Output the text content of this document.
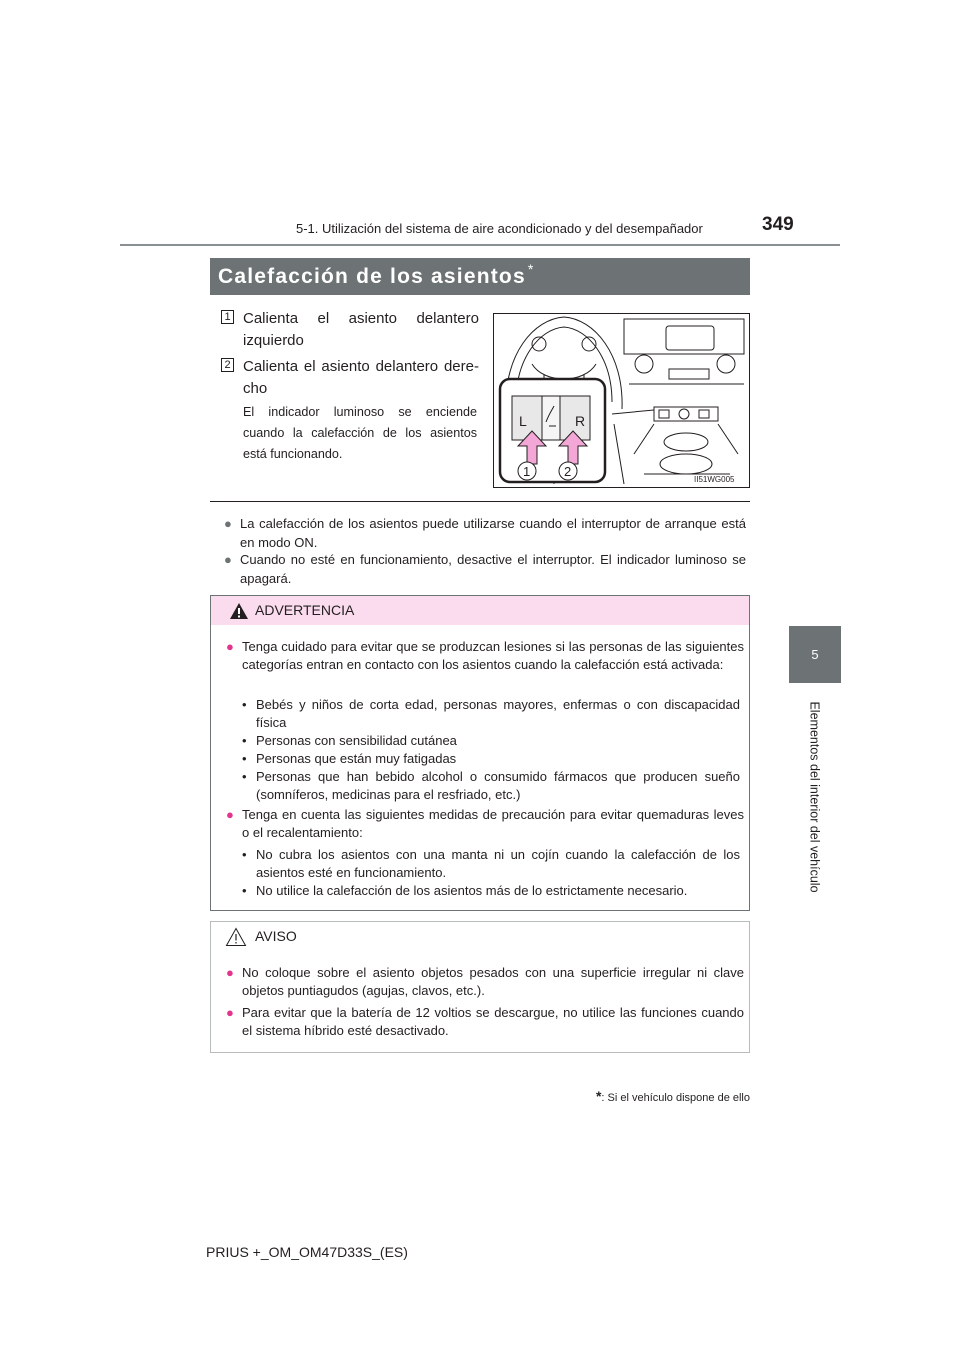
5-1. Utilización del sistema de aire acondicionado y del desempañador	349
5
Elementos del interior del vehículo
Calefacción de los asientos *
1 Calienta el asiento delantero izquierdo
2 Calienta el asiento delantero dere-cho
El indicador luminoso se enciende cuando la calefacción de los asientos está funcionando.
L	R
1	2
II51WG005
● La calefacción de los asientos puede utilizarse cuando el interruptor de arranque está en modo ON.
● Cuando no esté en funcionamiento, desactive el interruptor. El indicador luminoso se apagará.
ADVERTENCIA
● Tenga cuidado para evitar que se produzcan lesiones si las personas de las siguientes categorías entran en contacto con los asientos cuando la calefacción está activada:
• Bebés y niños de corta edad, personas mayores, enfermas o con discapacidad física
• Personas con sensibilidad cutánea
• Personas que están muy fatigadas
• Personas que han bebido alcohol o consumido fármacos que producen sueño (somníferos, medicinas para el resfriado, etc.)
● Tenga en cuenta las siguientes medidas de precaución para evitar quemaduras leves o el recalentamiento:
• No cubra los asientos con una manta ni un cojín cuando la calefacción de los asientos esté en funcionamiento.
• No utilice la calefacción de los asientos más de lo estrictamente necesario.
AVISO
● No coloque sobre el asiento objetos pesados con una superficie irregular ni clave objetos puntiagudos (agujas, clavos, etc.).
● Para evitar que la batería de 12 voltios se descargue, no utilice las funciones cuando el sistema híbrido esté desactivado.
*: Si el vehículo dispone de ello
PRIUS +_OM_OM47D33S_(ES)
